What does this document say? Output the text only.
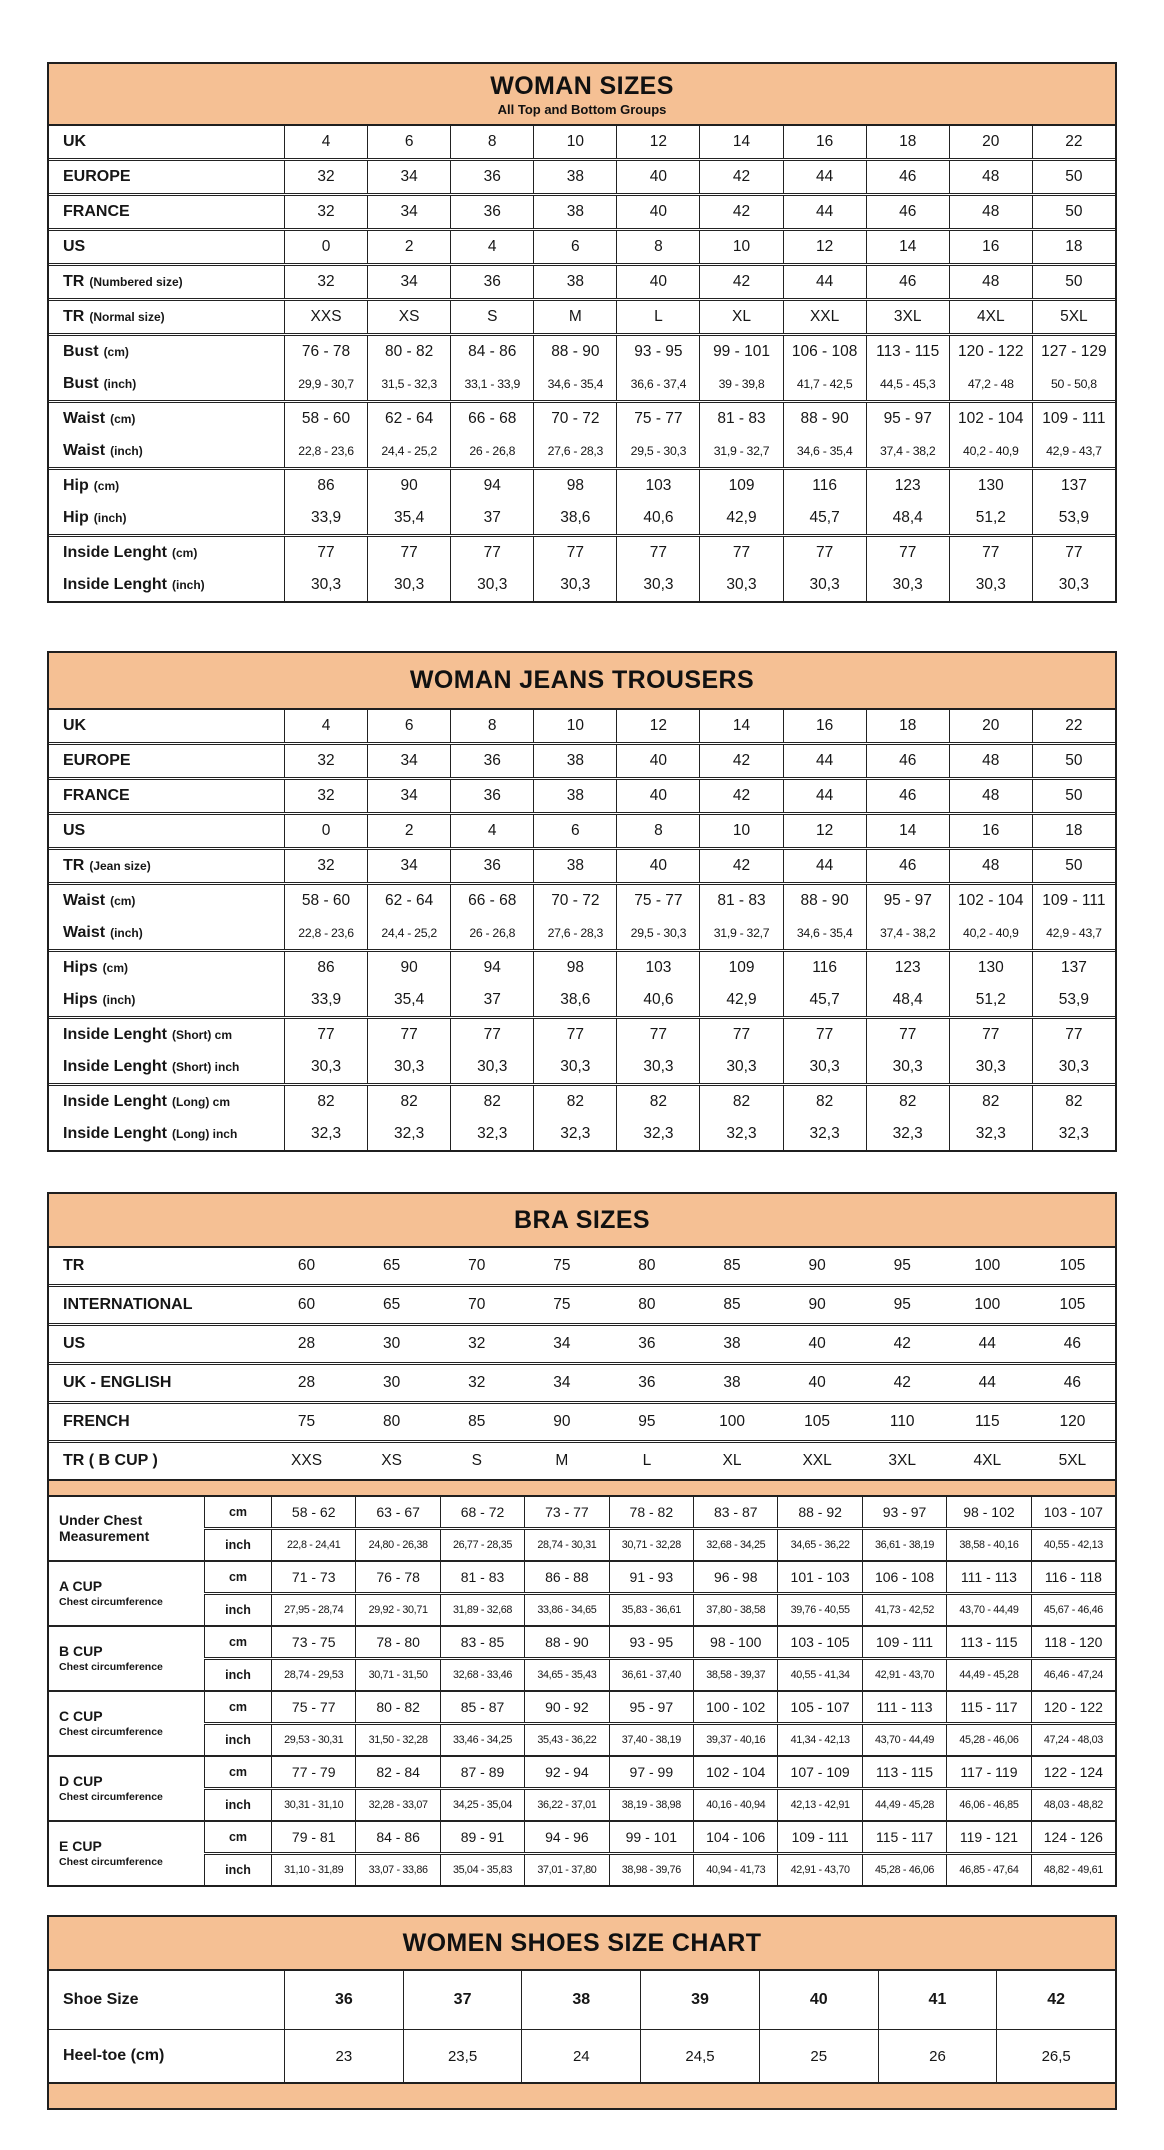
WOMAN SIZES
All Top and Bottom Groups
UK	4	6	8	10	12	14	16	18	20	22
EUROPE	32	34	36	38	40	42	44	46	48	50
FRANCE	32	34	36	38	40	42	44	46	48	50
US	0	2	4	6	8	10	12	14	16	18
TR (Numbered size)	32	34	36	38	40	42	44	46	48	50
TR (Normal size)	XXS	XS	S	M	L	XL	XXL	3XL	4XL	5XL
Bust (cm)	76 - 78	80 - 82	84 - 86	88 - 90	93 - 95	99 - 101	106 - 108	113 - 115	120 - 122	127 - 129
Bust (inch)	29,9 - 30,7	31,5 - 32,3	33,1 - 33,9	34,6 - 35,4	36,6 - 37,4	39 - 39,8	41,7 - 42,5	44,5 - 45,3	47,2 - 48	50 - 50,8
Waist (cm)	58 - 60	62 - 64	66 - 68	70 - 72	75 - 77	81 - 83	88 - 90	95 - 97	102 - 104	109 - 111
Waist (inch)	22,8 - 23,6	24,4 - 25,2	26 - 26,8	27,6 - 28,3	29,5 - 30,3	31,9 - 32,7	34,6 - 35,4	37,4 - 38,2	40,2 - 40,9	42,9 - 43,7
Hip (cm)	86	90	94	98	103	109	116	123	130	137
Hip (inch)	33,9	35,4	37	38,6	40,6	42,9	45,7	48,4	51,2	53,9
Inside Lenght (cm)	77	77	77	77	77	77	77	77	77	77
Inside Lenght (inch)	30,3	30,3	30,3	30,3	30,3	30,3	30,3	30,3	30,3	30,3
WOMAN JEANS TROUSERS
UK	4	6	8	10	12	14	16	18	20	22
EUROPE	32	34	36	38	40	42	44	46	48	50
FRANCE	32	34	36	38	40	42	44	46	48	50
US	0	2	4	6	8	10	12	14	16	18
TR (Jean size)	32	34	36	38	40	42	44	46	48	50
Waist (cm)	58 - 60	62 - 64	66 - 68	70 - 72	75 - 77	81 - 83	88 - 90	95 - 97	102 - 104	109 - 111
Waist (inch)	22,8 - 23,6	24,4 - 25,2	26 - 26,8	27,6 - 28,3	29,5 - 30,3	31,9 - 32,7	34,6 - 35,4	37,4 - 38,2	40,2 - 40,9	42,9 - 43,7
Hips (cm)	86	90	94	98	103	109	116	123	130	137
Hips (inch)	33,9	35,4	37	38,6	40,6	42,9	45,7	48,4	51,2	53,9
Inside Lenght (Short) cm	77	77	77	77	77	77	77	77	77	77
Inside Lenght (Short) inch	30,3	30,3	30,3	30,3	30,3	30,3	30,3	30,3	30,3	30,3
Inside Lenght (Long) cm	82	82	82	82	82	82	82	82	82	82
Inside Lenght (Long) inch	32,3	32,3	32,3	32,3	32,3	32,3	32,3	32,3	32,3	32,3
BRA SIZES
TR	60	65	70	75	80	85	90	95	100	105
INTERNATIONAL	60	65	70	75	80	85	90	95	100	105
US	28	30	32	34	36	38	40	42	44	46
UK - ENGLISH	28	30	32	34	36	38	40	42	44	46
FRENCH	75	80	85	90	95	100	105	110	115	120
TR ( B CUP )	XXS	XS	S	M	L	XL	XXL	3XL	4XL	5XL
Under Chest
Measurement
cm	58 - 62	63 - 67	68 - 72	73 - 77	78 - 82	83 - 87	88 - 92	93 - 97	98 - 102	103 - 107
inch	22,8 - 24,41	24,80 - 26,38	26,77 - 28,35	28,74 - 30,31	30,71 - 32,28	32,68 - 34,25	34,65 - 36,22	36,61 - 38,19	38,58 - 40,16	40,55 - 42,13
A CUP
Chest circumference
cm	71 - 73	76 - 78	81 - 83	86 - 88	91 - 93	96 - 98	101 - 103	106 - 108	111 - 113	116 - 118
inch	27,95 - 28,74	29,92 - 30,71	31,89 - 32,68	33,86 - 34,65	35,83 - 36,61	37,80 - 38,58	39,76 - 40,55	41,73 - 42,52	43,70 - 44,49	45,67 - 46,46
B CUP
Chest circumference
cm	73 - 75	78 - 80	83 - 85	88 - 90	93 - 95	98 - 100	103 - 105	109 - 111	113 - 115	118 - 120
inch	28,74 - 29,53	30,71 - 31,50	32,68 - 33,46	34,65 - 35,43	36,61 - 37,40	38,58 - 39,37	40,55 - 41,34	42,91 - 43,70	44,49 - 45,28	46,46 - 47,24
C CUP
Chest circumference
cm	75 - 77	80 - 82	85 - 87	90 - 92	95 - 97	100 - 102	105 - 107	111 - 113	115 - 117	120 - 122
inch	29,53 - 30,31	31,50 - 32,28	33,46 - 34,25	35,43 - 36,22	37,40 - 38,19	39,37 - 40,16	41,34 - 42,13	43,70 - 44,49	45,28 - 46,06	47,24 - 48,03
D CUP
Chest circumference
cm	77 - 79	82 - 84	87 - 89	92 - 94	97 - 99	102 - 104	107 - 109	113 - 115	117 - 119	122 - 124
inch	30,31 - 31,10	32,28 - 33,07	34,25 - 35,04	36,22 - 37,01	38,19 - 38,98	40,16 - 40,94	42,13 - 42,91	44,49 - 45,28	46,06 - 46,85	48,03 - 48,82
E CUP
Chest circumference
cm	79 - 81	84 - 86	89 - 91	94 - 96	99 - 101	104 - 106	109 - 111	115 - 117	119 - 121	124 - 126
inch	31,10 - 31,89	33,07 - 33,86	35,04 - 35,83	37,01 - 37,80	38,98 - 39,76	40,94 - 41,73	42,91 - 43,70	45,28 - 46,06	46,85 - 47,64	48,82 - 49,61
WOMEN SHOES SIZE CHART
Shoe Size	36	37	38	39	40	41	42
Heel-toe (cm)	23	23,5	24	24,5	25	26	26,5
